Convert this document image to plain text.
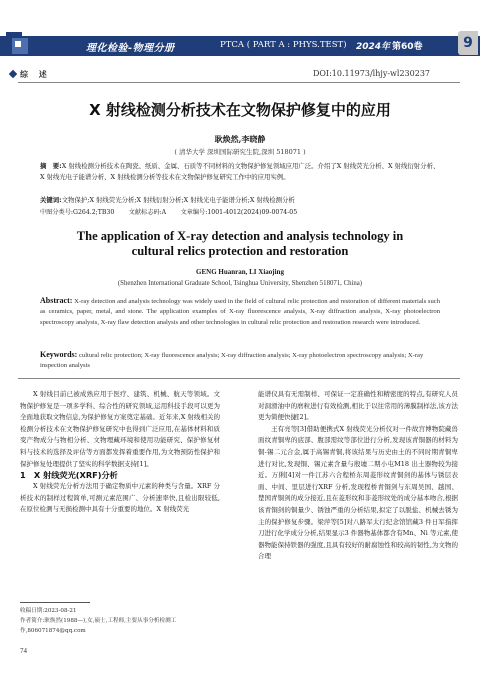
理化检验-物理分册	PTCA ( PART A : PHYS.TEST) 2024年 第60卷	9
综 述	DOI:10.11973/lhjy-wl230237
X 射线检测分析技术在文物保护修复中的应用
耿焕然,李晓静
( 清华大学 深圳国际研究生院,深圳 518071 )
摘　要:X 射线检测分析技术在陶瓷、纸质、金属、石质等不同材料的文物保护修复领域应用广泛。介绍了X 射线荧光分析、X 射线衍射分析、X 射线光电子能谱分析、X 射线检测分析等技术在文物保护修复研究工作中的应用实例。
关键词:文物保护;X 射线荧光分析;X 射线衍射分析;X 射线光电子能谱分析;X 射线检测分析
中图分类号:G264.2;TB30   文献标志码:A   文章编号:1001-4012(2024)09-0074-05
The application of X-ray detection and analysis technology in
cultural relics protection and restoration
GENG Huanran, LI Xiaojing
(Shenzhen International Graduate School, Tsinghua University, Shenzhen 518071, China)
Abstract: X-ray detection and analysis technology was widely used in the field of cultural relic protection and restoration of different materials such as ceramics, paper, metal, and stone. The application examples of X-ray fluorescence analysis, X-ray diffraction analysis, X-ray photoelectron spectroscopy analysis, X-ray flaw detection analysis and other technologies in cultural relic protection and restoration research were introduced.
Keywords: cultural relic protection; X-ray fluorescence analysis; X-ray diffraction analysis; X-ray photoelectron spectroscopy analysis; X-ray inspection analysis

X 射线目前已被成熟应用于医疗、建筑、机械、航天等领域。文物保护修复是一项多学科、综合性的研究领域,运用科技手段可以更为全面地获取文物信息,为保护修复方案奠定基础。近年来,X 射线相关的检测分析技术在文物保护修复研究中也得到广泛应用,在基体材料和质变产物成分与物相分析、文物埋藏环境和使用功能研究、保护修复材料与技术的选择及评估等方面都发挥着重要作用,为文物预防性保护和保护修复处理提供了坚实的科学数据支持[1]。

1　X 射线荧光(XRF)分析

X 射线荧光分析方法用于确定物质中元素的种类与含量。XRF 分析技术的制样过程简单,可测元素范围广、分析速率快,且检出限较低,在原位检测与无损检测中具有十分重要的地位。X 射线荧光

能谱仪具有无需制样、可保证一定准确性和精密度的特点,有研究人员对洞滑油中的磨粒进行有效检测,相比于以往常用的薄膜制样法,该方法更为简便快捷[2]。

王有亮等[3]借助便携式X 射线荧光分析仪对一件故宫博物院藏兽面纹青铜卑的底部、腹部需纹等部位进行分析,发现该青铜器的材料为铜-锡二元合金,属于高锡青铜,将该结果与历史由土的不同时期青铜卑进行对比,发现铜、锡元素含量与殷墟二期小屯M18 出土器物较为接近。万俐[4]对一件江苏六合程桥东周菱形纹青铜剑的基体与锈层表面、中间、里层进行XRF 分析,发现程桥青铜剑与东周吴国、越国、楚国青铜剑的成分接近,且在菱形纹和非菱形纹处的成分基本吻合,根据该青铜剑的铜量少、锈蚀严重的分析结果,拟定了以脱盐、机械去锈为主的保护修复步骤。梁萍等[5]对八路军太行纪念馆馆藏3 件日军指挥刀进行化学成分分析,结果显示3 件器物基体都含有Mn、Ni 等元素,使器物能保持铁器的强度,且具有较好的耐腐蚀性和较高的韧性,为文物的合理

收稿日期:2023-08-21
作者简介:耿焕然(1988—),女,硕士,工程师,主要从事分析检测工作,806071874@qq.com
74
